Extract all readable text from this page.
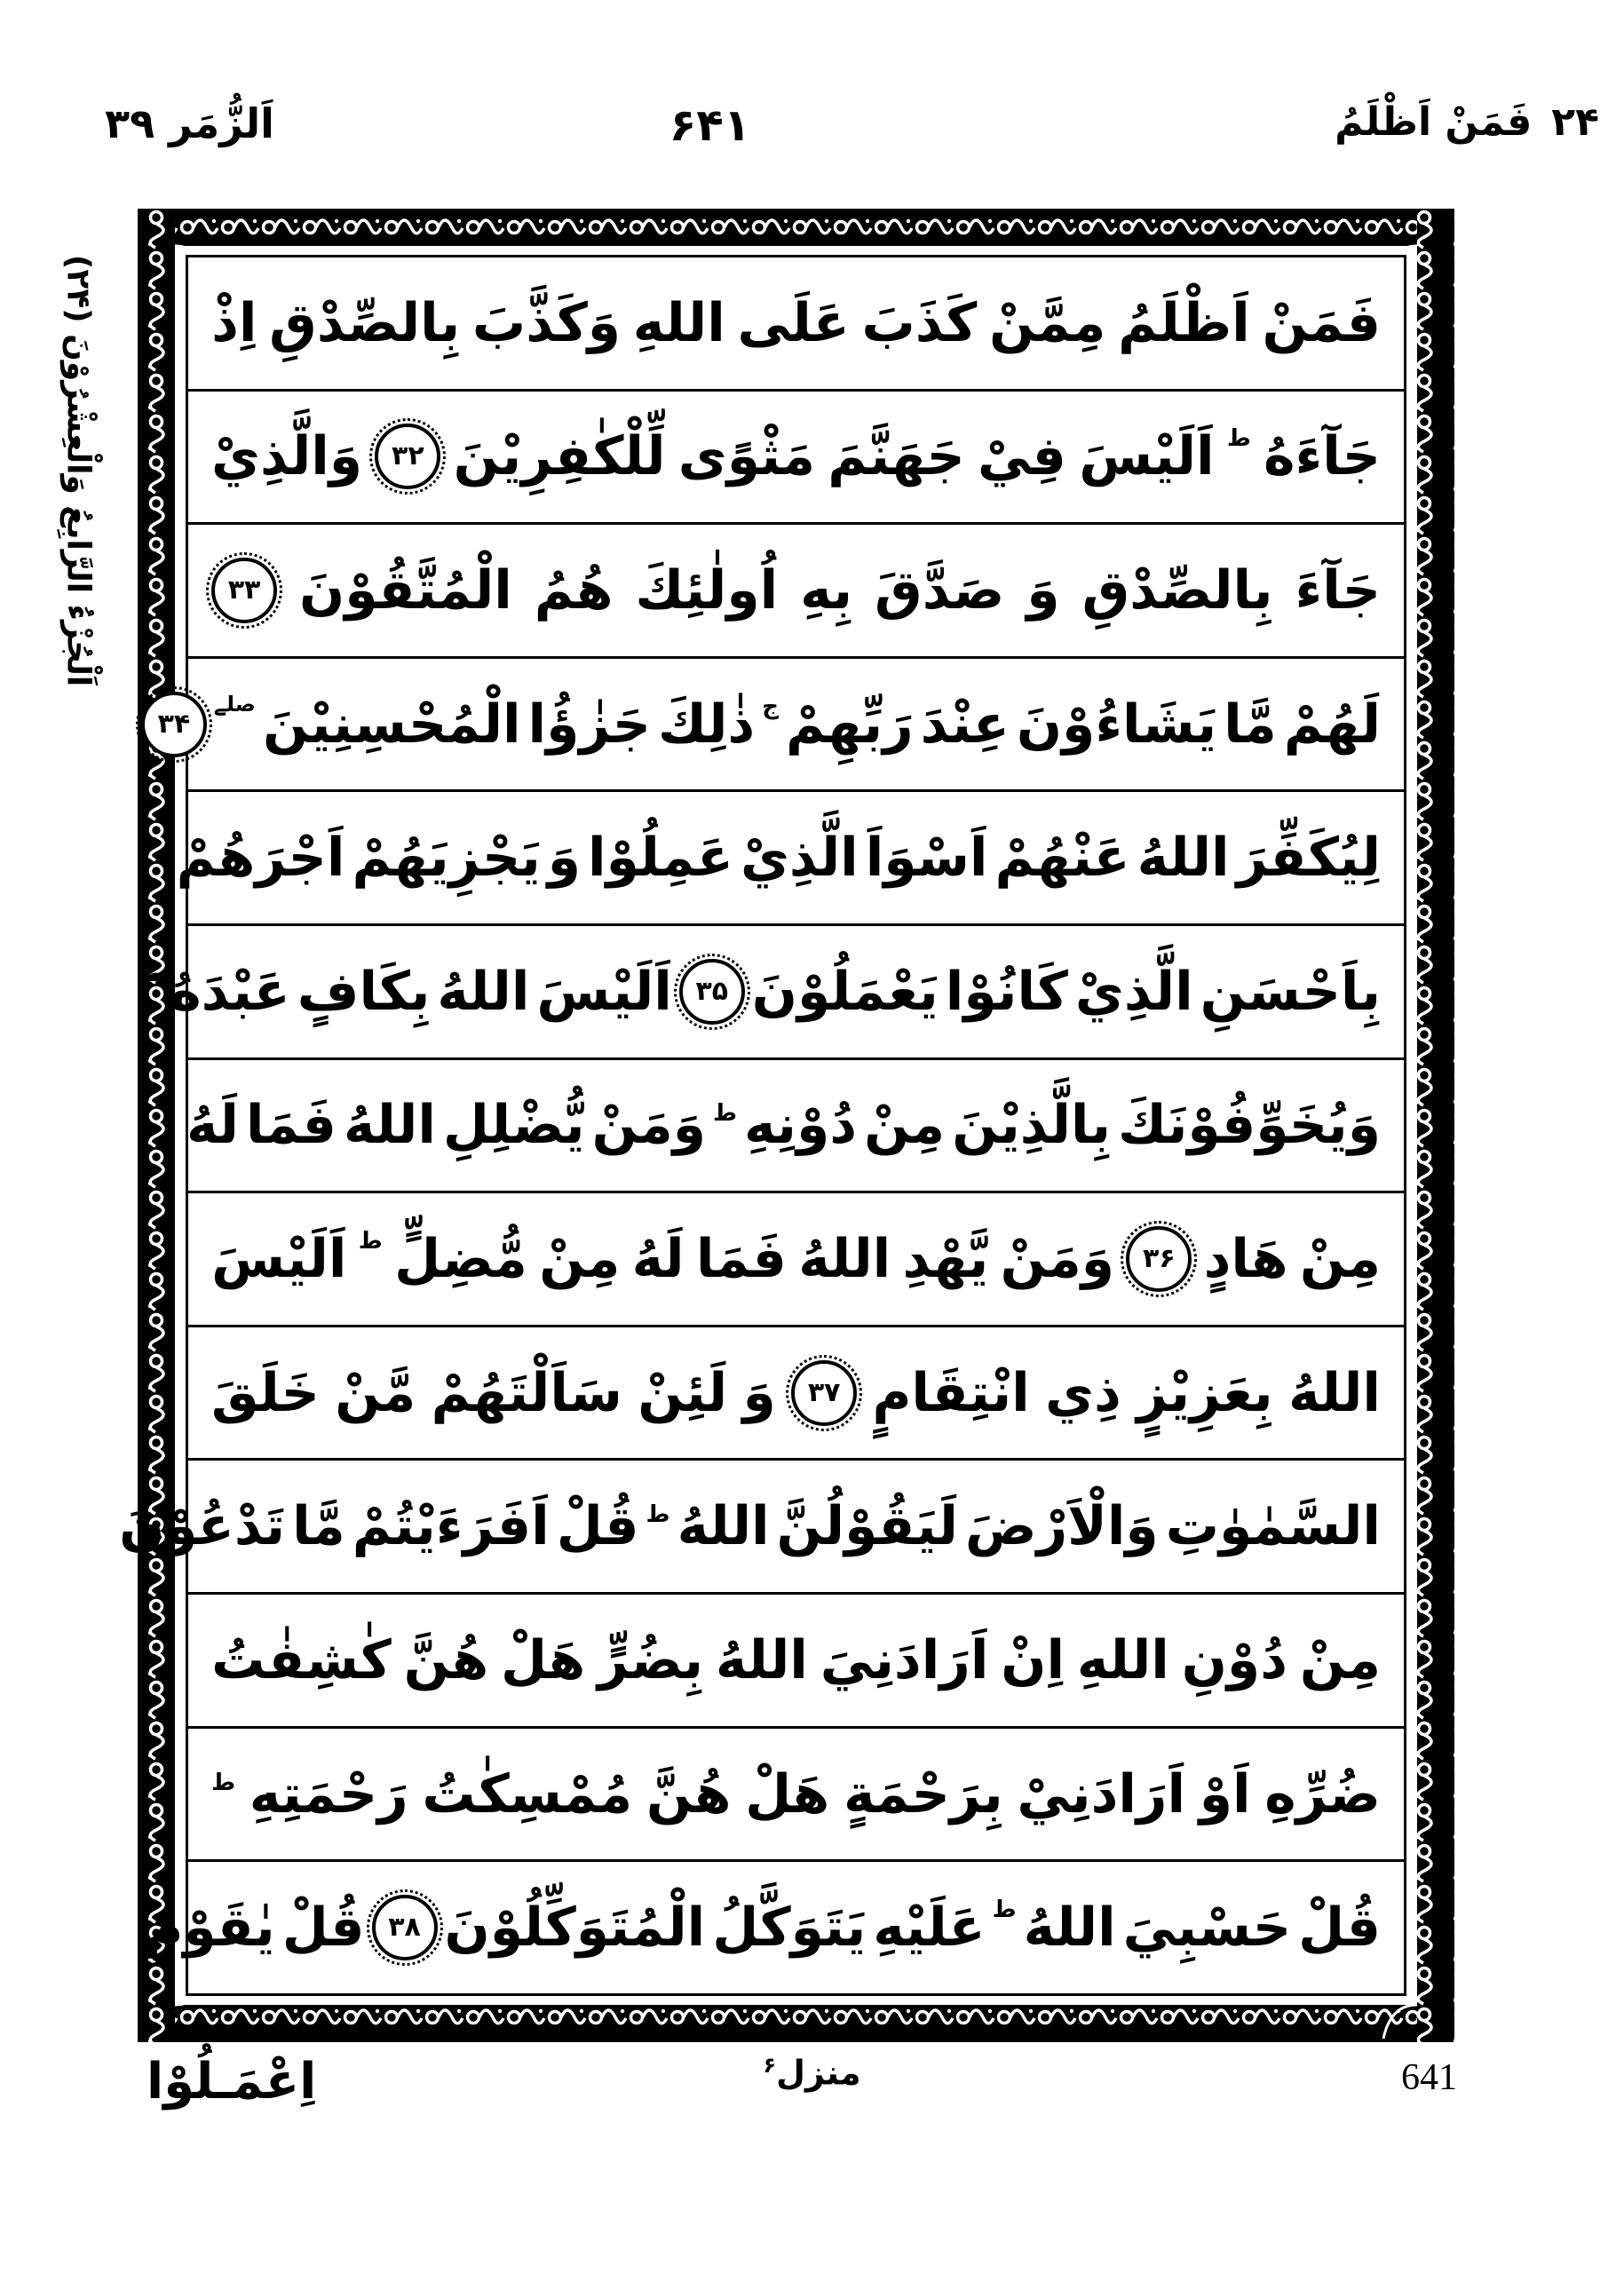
اَلزُّمَر ۳۹	۶۴۱	۲۴
فَمَنْ اَظْلَمُ
اَلْجُزْءُ الرَّابِعُ وَالْعِشْرُوْنَ (۲۴)	فَمَنْ
اَظْلَمُ
مِمَّنْ
كَذَبَ
عَلَى
اللهِ
وَكَذَّبَ
بِالصِّدْقِ
اِذْ
جَآءَهُ
ط
اَلَيْسَ
فِيْ
جَهَنَّمَ
مَثْوًى
لِّلْكٰفِرِيْنَ
۳۲
وَالَّذِيْ
جَآءَ
بِالصِّدْقِ
وَ
صَدَّقَ
بِهِ
اُولٰئِكَ
هُمُ
الْمُتَّقُوْنَ
۳۳
لَهُمْ
مَّا
يَشَاءُوْنَ
عِنْدَ
رَبِّهِمْ
ج
ذٰلِكَ
جَزٰؤُا
الْمُحْسِنِيْنَ
صلے
۳۴
لِيُكَفِّرَ
اللهُ
عَنْهُمْ
اَسْوَاَ
الَّذِيْ
عَمِلُوْا
وَ
يَجْزِيَهُمْ
اَجْرَهُمْ
بِاَحْسَنِ
الَّذِيْ
كَانُوْا
يَعْمَلُوْنَ
۳۵
اَلَيْسَ
اللهُ
بِكَافٍ
عَبْدَهُ
ط
وَيُخَوِّفُوْنَكَ
بِالَّذِيْنَ
مِنْ
دُوْنِهِ
ط
وَمَنْ
يُّضْلِلِ
اللهُ
فَمَا
لَهُ
مِنْ
هَادٍ
۳۶
وَمَنْ
يَّهْدِ
اللهُ
فَمَا
لَهُ
مِنْ
مُّضِلٍّ
ط
اَلَيْسَ
اللهُ
بِعَزِيْزٍ
ذِي
انْتِقَامٍ
۳۷
وَ
لَئِنْ
سَاَلْتَهُمْ
مَّنْ
خَلَقَ
السَّمٰوٰتِ
وَالْاَرْضَ
لَيَقُوْلُنَّ
اللهُ
ط
قُلْ
اَفَرَءَيْتُمْ
مَّا
تَدْعُوْنَ
مِنْ
دُوْنِ
اللهِ
اِنْ
اَرَادَنِيَ
اللهُ
بِضُرٍّ
هَلْ
هُنَّ
كٰشِفٰتُ
ضُرِّهِ
اَوْ
اَرَادَنِيْ
بِرَحْمَةٍ
هَلْ
هُنَّ
مُمْسِكٰتُ
رَحْمَتِهِ
ط
قُلْ
حَسْبِيَ
اللهُ
ط
عَلَيْهِ
يَتَوَكَّلُ
الْمُتَوَكِّلُوْنَ
۳۸
قُلْ
يٰقَوْمِ
اِعْمَـلُوْا	منزل$^۶$	641
